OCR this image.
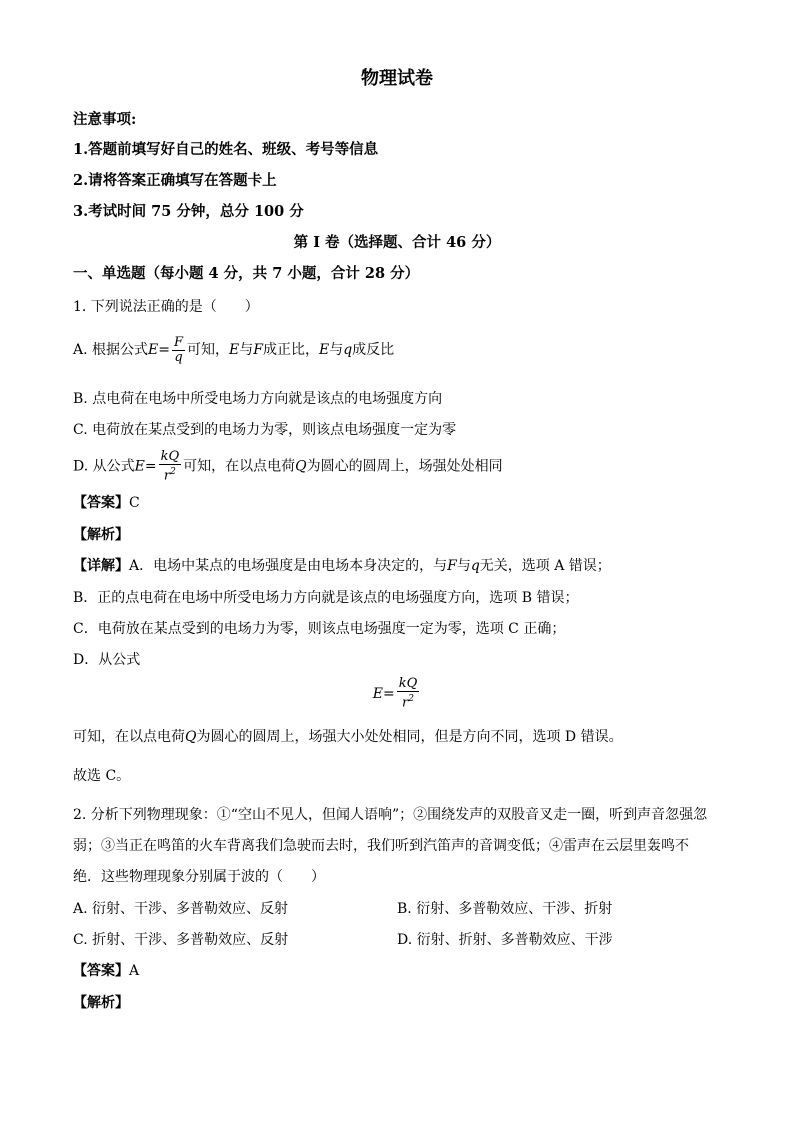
物理试卷
注意事项:
1.答题前填写好自己的姓名、班级、考号等信息
2.请将答案正确填写在答题卡上
3.考试时间 75 分钟，总分 100 分
第 I 卷（选择题、合计 46 分）
一、单选题（每小题 4 分，共 7 小题，合计 28 分）
1. 下列说法正确的是（　　）
A. 根据公式$E= \frac{F}{q}$ 可知，E与F成正比，E与q成反比
B. 点电荷在电场中所受电场力方向就是该点的电场强度方向
C. 电荷放在某点受到的电场力为零，则该点电场强度一定为零
D. 从公式$E= \frac{kQ}{r^2}$ 可知，在以点电荷Q为圆心的圆周上，场强处处相同
【答案】C
【解析】
【详解】A．电场中某点的电场强度是由电场本身决定的，与F与q无关，选项 A 错误；
B．正的点电荷在电场中所受电场力方向就是该点的电场强度方向，选项 B 错误；
C．电荷放在某点受到的电场力为零，则该点电场强度一定为零，选项 C 正确；
D．从公式
$E= \frac{kQ}{r^2}$
可知，在以点电荷Q为圆心的圆周上，场强大小处处相同，但是方向不同，选项 D 错误。
故选 C。
2. 分析下列物理现象：①“空山不见人，但闻人语响”；②围绕发声的双股音叉走一圈，听到声音忽强忽
弱；③当正在鸣笛的火车背离我们急驶而去时，我们听到汽笛声的音调变低；④雷声在云层里轰鸣不
绝．这些物理现象分别属于波的（　　）
A. 衍射、干涉、多普勒效应、反射	B. 衍射、多普勒效应、干涉、折射
C. 折射、干涉、多普勒效应、反射	D. 衍射、折射、多普勒效应、干涉
【答案】A
【解析】
